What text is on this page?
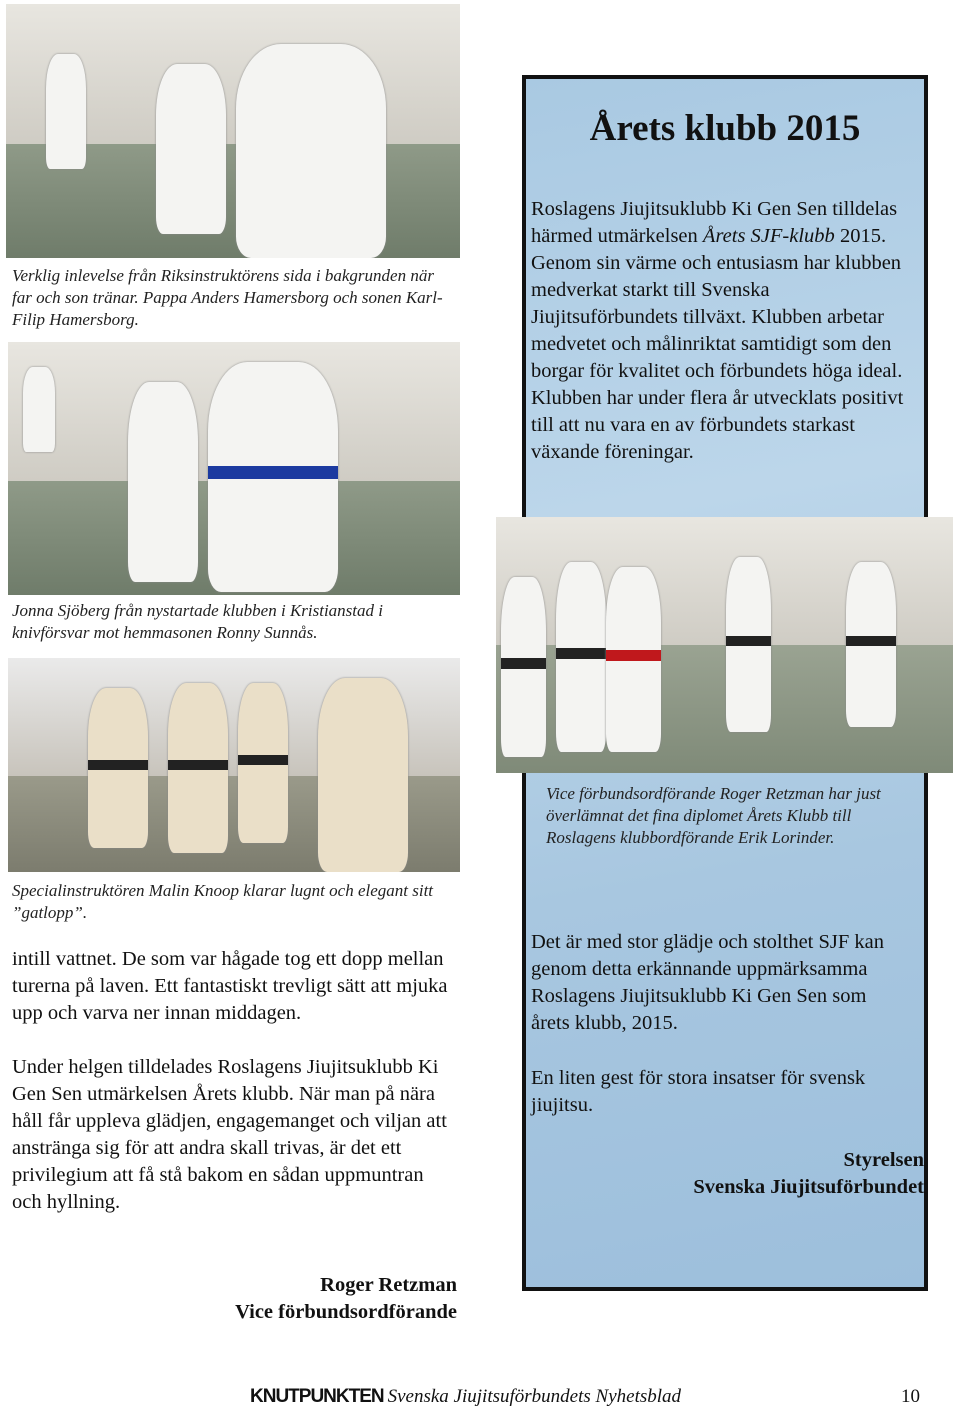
Verklig inlevelse från Riksinstruktörens sida i bakgrunden när far och son tränar. Pappa Anders Hamersborg och sonen Karl-Filip Hamersborg.
Jonna Sjöberg från nystartade klubben i Kristianstad i knivförsvar mot hemmasonen Ronny Sunnås.
Specialinstruktören Malin Knoop klarar lugnt och elegant sitt ”gatlopp”.

intill vattnet. De som var hågade tog ett dopp mellan turerna på laven. Ett fantastiskt trevligt sätt att mjuka upp och varva ner innan middagen.

Under helgen tilldelades Roslagens Jiujitsuklubb Ki Gen Sen utmärkelsen Årets klubb. När man på nära håll får uppleva glädjen, engagemanget och viljan att anstränga sig för att andra skall trivas, är det ett privilegium att få stå bakom en sådan uppmuntran och hyllning.

Roger Retzman
Vice förbundsordförande
Årets klubb 2015

Roslagens Jiujitsuklubb Ki Gen Sen tilldelas härmed utmärkelsen Årets SJF-klubb 2015. Genom sin värme och entusiasm har klubben medverkat starkt till Svenska Jiujitsuförbundets tillväxt. Klubben arbetar medvetet och målinriktat samtidigt som den borgar för kvalitet och förbundets höga ideal. Klubben har under flera år utvecklats positivt till att nu vara en av förbundets starkast växande föreningar.

Vice förbundsordförande Roger Retzman har just överlämnat det fina diplomet Årets Klubb till Roslagens klubbordförande Erik Lorinder.

Det är med stor glädje och stolthet SJF kan genom detta erkännande uppmärksamma Roslagens Jiujitsuklubb Ki Gen Sen som årets klubb, 2015.

En liten gest för stora insatser för svensk jiujitsu.

Styrelsen
Svenska Jiujitsuförbundet
KNUTPUNKTEN Svenska Jiujitsuförbundets Nyhetsblad	10
